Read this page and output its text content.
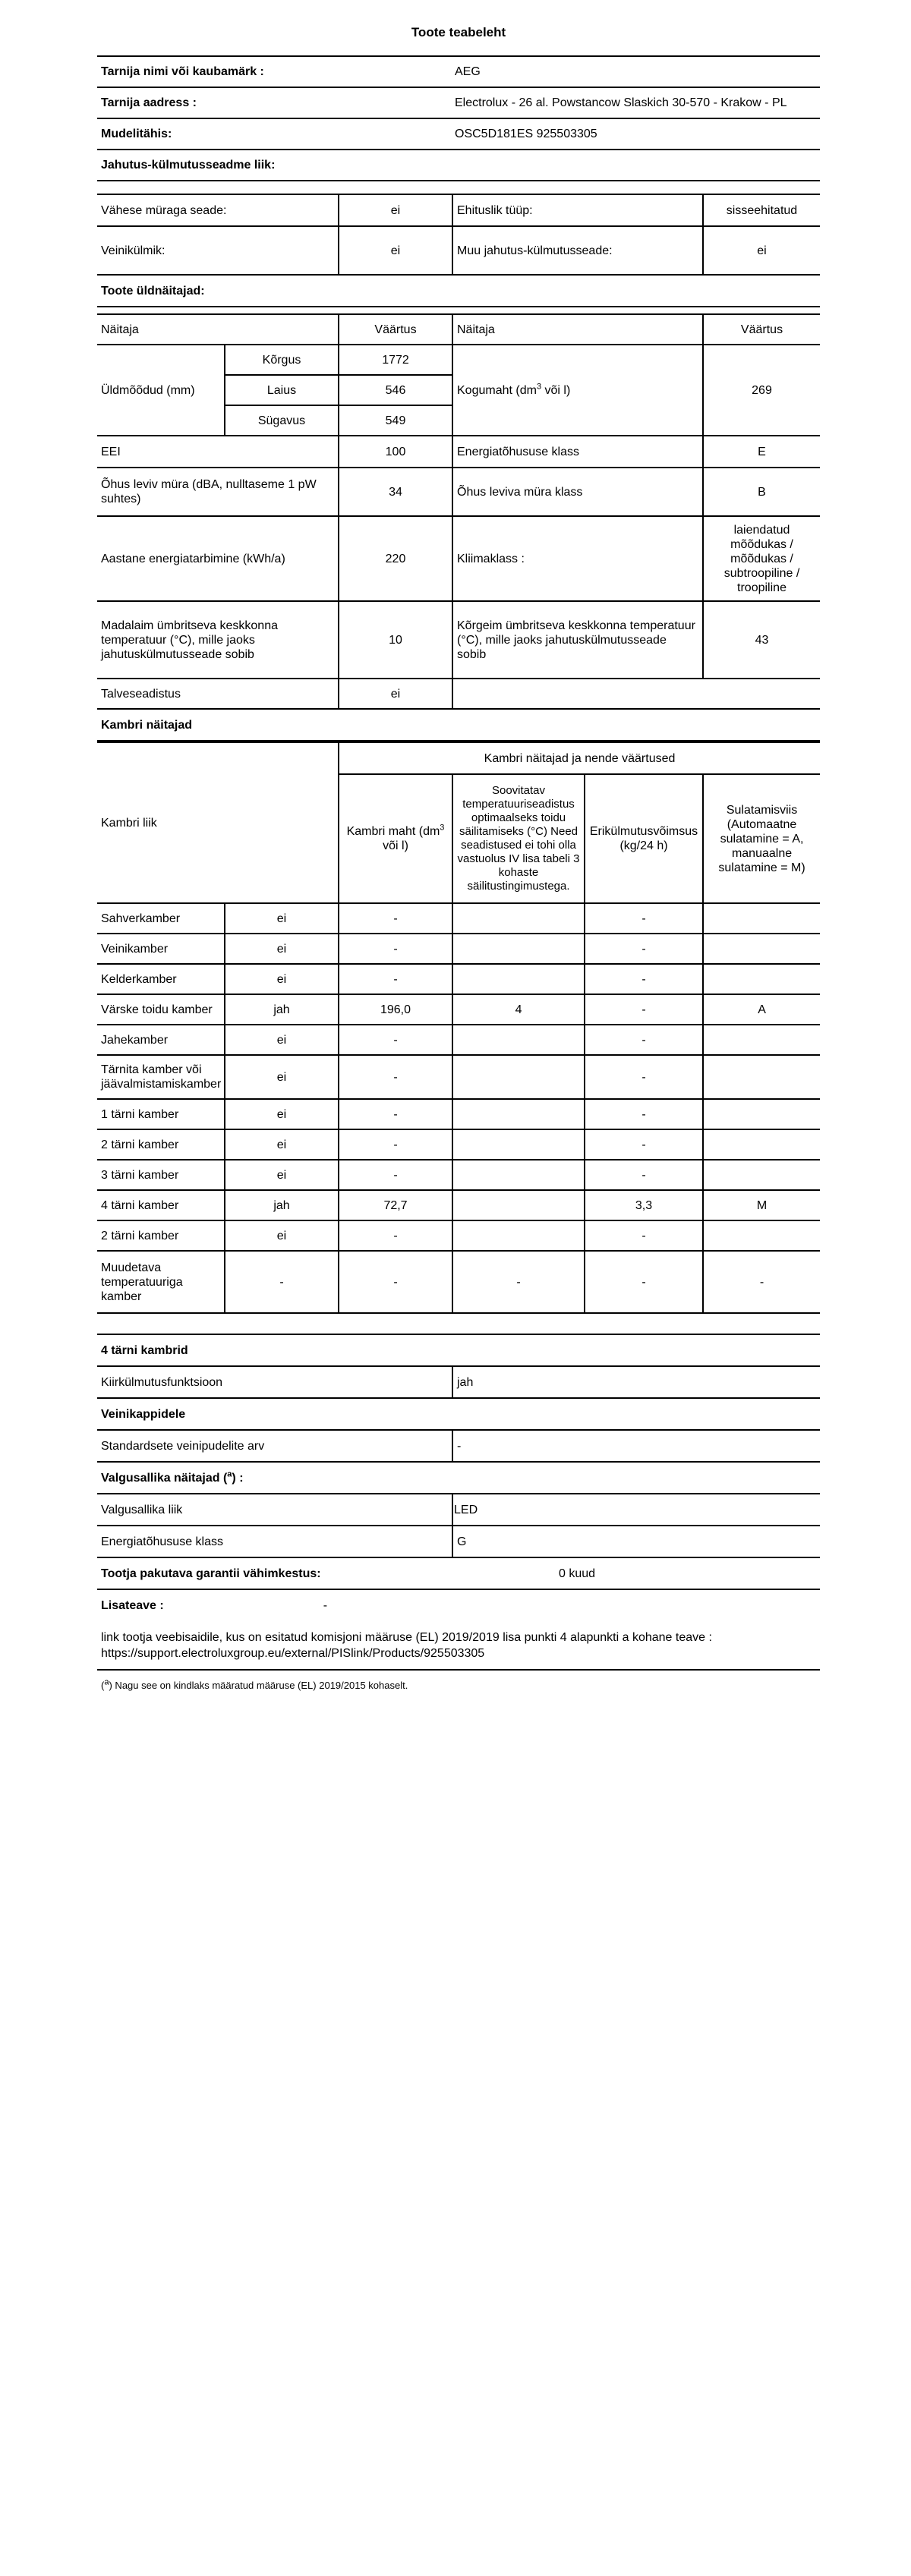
Toote teabeleht
Tarnija nimi või kaubamärk :	AEG
Tarnija aadress :	Electrolux - 26 al. Powstancow Slaskich 30-570 - Krakow - PL
Mudelitähis:	OSC5D181ES 925503305
Jahutus-külmutusseadme liik:	
Vähese müraga seade:	ei	Ehituslik tüüp:	sisseehitatud
Veinikülmik:	ei	Muu jahutus-külmutusseade:	ei
Toote üldnäitajad:			
Näitaja		Väärtus	Näitaja	Väärtus
Üldmõõdud (mm)	Kõrgus	1772	Kogumaht ($dm^3$ või l)	269
	Laius	546		
	Sügavus	549		
EEI		100	Energiatõhususe klass	E
Õhus leviv müra (dBA, nulltaseme 1 pW suhtes)		34	Õhus leviva müra klass	B
Aastane energiatarbimine (kWh/a)		220	Kliimaklass :	laiendatud mõõdukas / mõõdukas / subtroopiline / troopiline
Madalaim ümbritseva keskkonna temperatuur (°C), mille jaoks jahutuskülmutusseade sobib		10	Kõrgeim ümbritseva keskkonna temperatuur (°C), mille jaoks jahutuskülmutusseade sobib	43
Talveseadistus		ei		
Kambri näitajad				
Kambri liik		Kambri näitajad ja nende väärtused			
		Kambri maht ($dm^3$ või l)	Soovitatav temperatuuriseadistus optimaalseks toidu säilitamiseks (°C) Need seadistused ei tohi olla vastuolus IV lisa tabeli 3 kohaste säilitustingimustega.	Erikülmutusvõimsus (kg/24 h)	Sulatamisviis (Automaatne sulatamine = A, manuaalne sulatamine = M)
Sahverkamber	ei	-		-	
Veinikamber	ei	-		-	
Kelderkamber	ei	-		-	
Värske toidu kamber	jah	196,0	4	-	A
Jahekamber	ei	-		-	
Tärnita kamber või jäävalmistamiskamber	ei	-		-	
1 tärni kamber	ei	-		-	
2 tärni kamber	ei	-		-	
3 tärni kamber	ei	-		-	
4 tärni kamber	jah	72,7		3,3	M
2 tärni kamber	ei	-		-	
Muudetava temperatuuriga kamber	-	-	-	-	-
4 tärni kambrid	
Kiirkülmutusfunktsioon	jah
Veinikappidele	
Standardsete veinipudelite arv	-
Valgusallika näitajad ($^a$) :	
Valgusallika liik	LED
Energiatõhususe klass	G
Tootja pakutava garantii vähimkestus:	0 kuud
Lisateave : -	
link tootja veebisaidile, kus on esitatud komisjoni määruse (EL) 2019/2019 lisa punkti 4 alapunkti a kohane teave : https://support.electroluxgroup.eu/external/PISlink/Products/925503305
($^a$) Nagu see on kindlaks määratud määruse (EL) 2019/2015 kohaselt.
